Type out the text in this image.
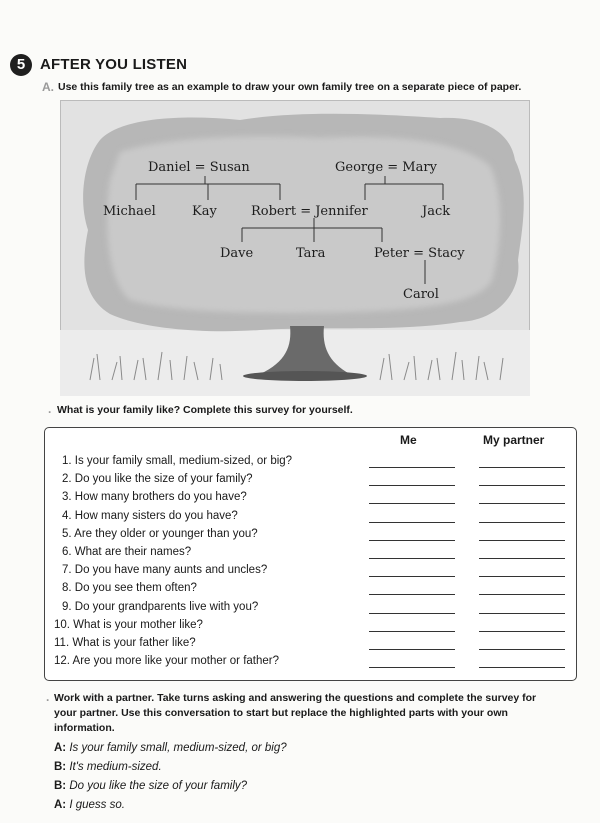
5 AFTER YOU LISTEN
A. Use this family tree as an example to draw your own family tree on a separate piece of paper.
Daniel = Susan	George = Mary
Michael	Kay	Robert = Jennifer	Jack
Dave	Tara	Peter = Stacy
Carol
. What is your family like? Complete this survey for yourself.
Me	My partner
1. Is your family small, medium-sized, or big?
2. Do you like the size of your family?
3. How many brothers do you have?
4. How many sisters do you have?
5. Are they older or younger than you?
6. What are their names?
7. Do you have many aunts and uncles?
8. Do you see them often?
9. Do your grandparents live with you?
10. What is your mother like?
11. What is your father like?
12. Are you more like your mother or father?
. Work with a partner. Take turns asking and answering the questions and complete the survey for your partner. Use this conversation to start but replace the highlighted parts with your own information.
A: Is your family small, medium-sized, or big?
B: It's medium-sized.
B: Do you like the size of your family?
A: I guess so.
